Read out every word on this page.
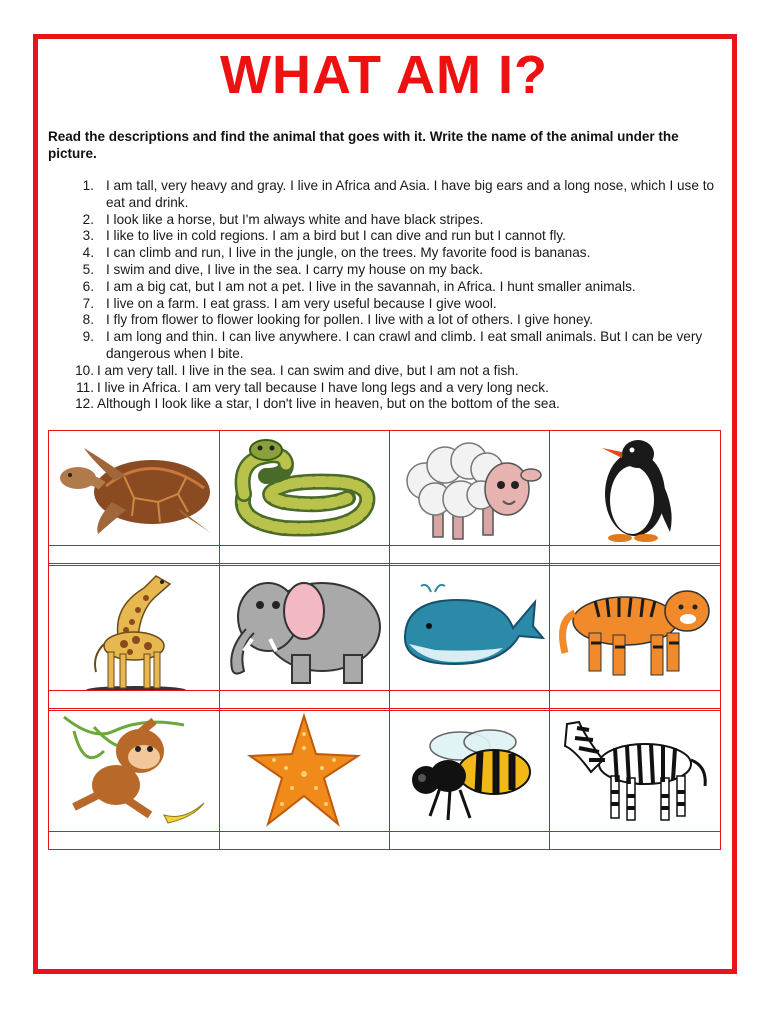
WHAT AM I?
Read the descriptions and find the animal that goes with it. Write the name of the animal under the picture.
1. I am tall, very heavy and gray. I live in Africa and Asia. I have big ears and a long nose, which I use to eat and drink.
2. I look like a horse, but I'm always white and have black stripes.
3. I like to live in cold regions. I am a bird but I can dive and run but I cannot fly.
4. I can climb and run, I live in the jungle, on the trees. My favorite food is bananas.
5. I swim and dive, I live in the sea. I carry my house on my back.
6. I am a big cat, but I am not a pet. I live in the savannah, in Africa. I hunt smaller animals.
7. I live on a farm. I eat grass. I am very useful because I give wool.
8. I fly from flower to flower looking for pollen. I live with a lot of others. I give honey.
9. I am long and thin. I can live anywhere. I can crawl and climb. I eat small animals. But I can be very dangerous when I bite.
10. I am very tall. I live in the sea. I can swim and dive, but I am not a fish.
11. I live in Africa. I am very tall because I have long legs and a very long neck.
12. Although I look like a star, I don't live in heaven, but on the bottom of the sea.
